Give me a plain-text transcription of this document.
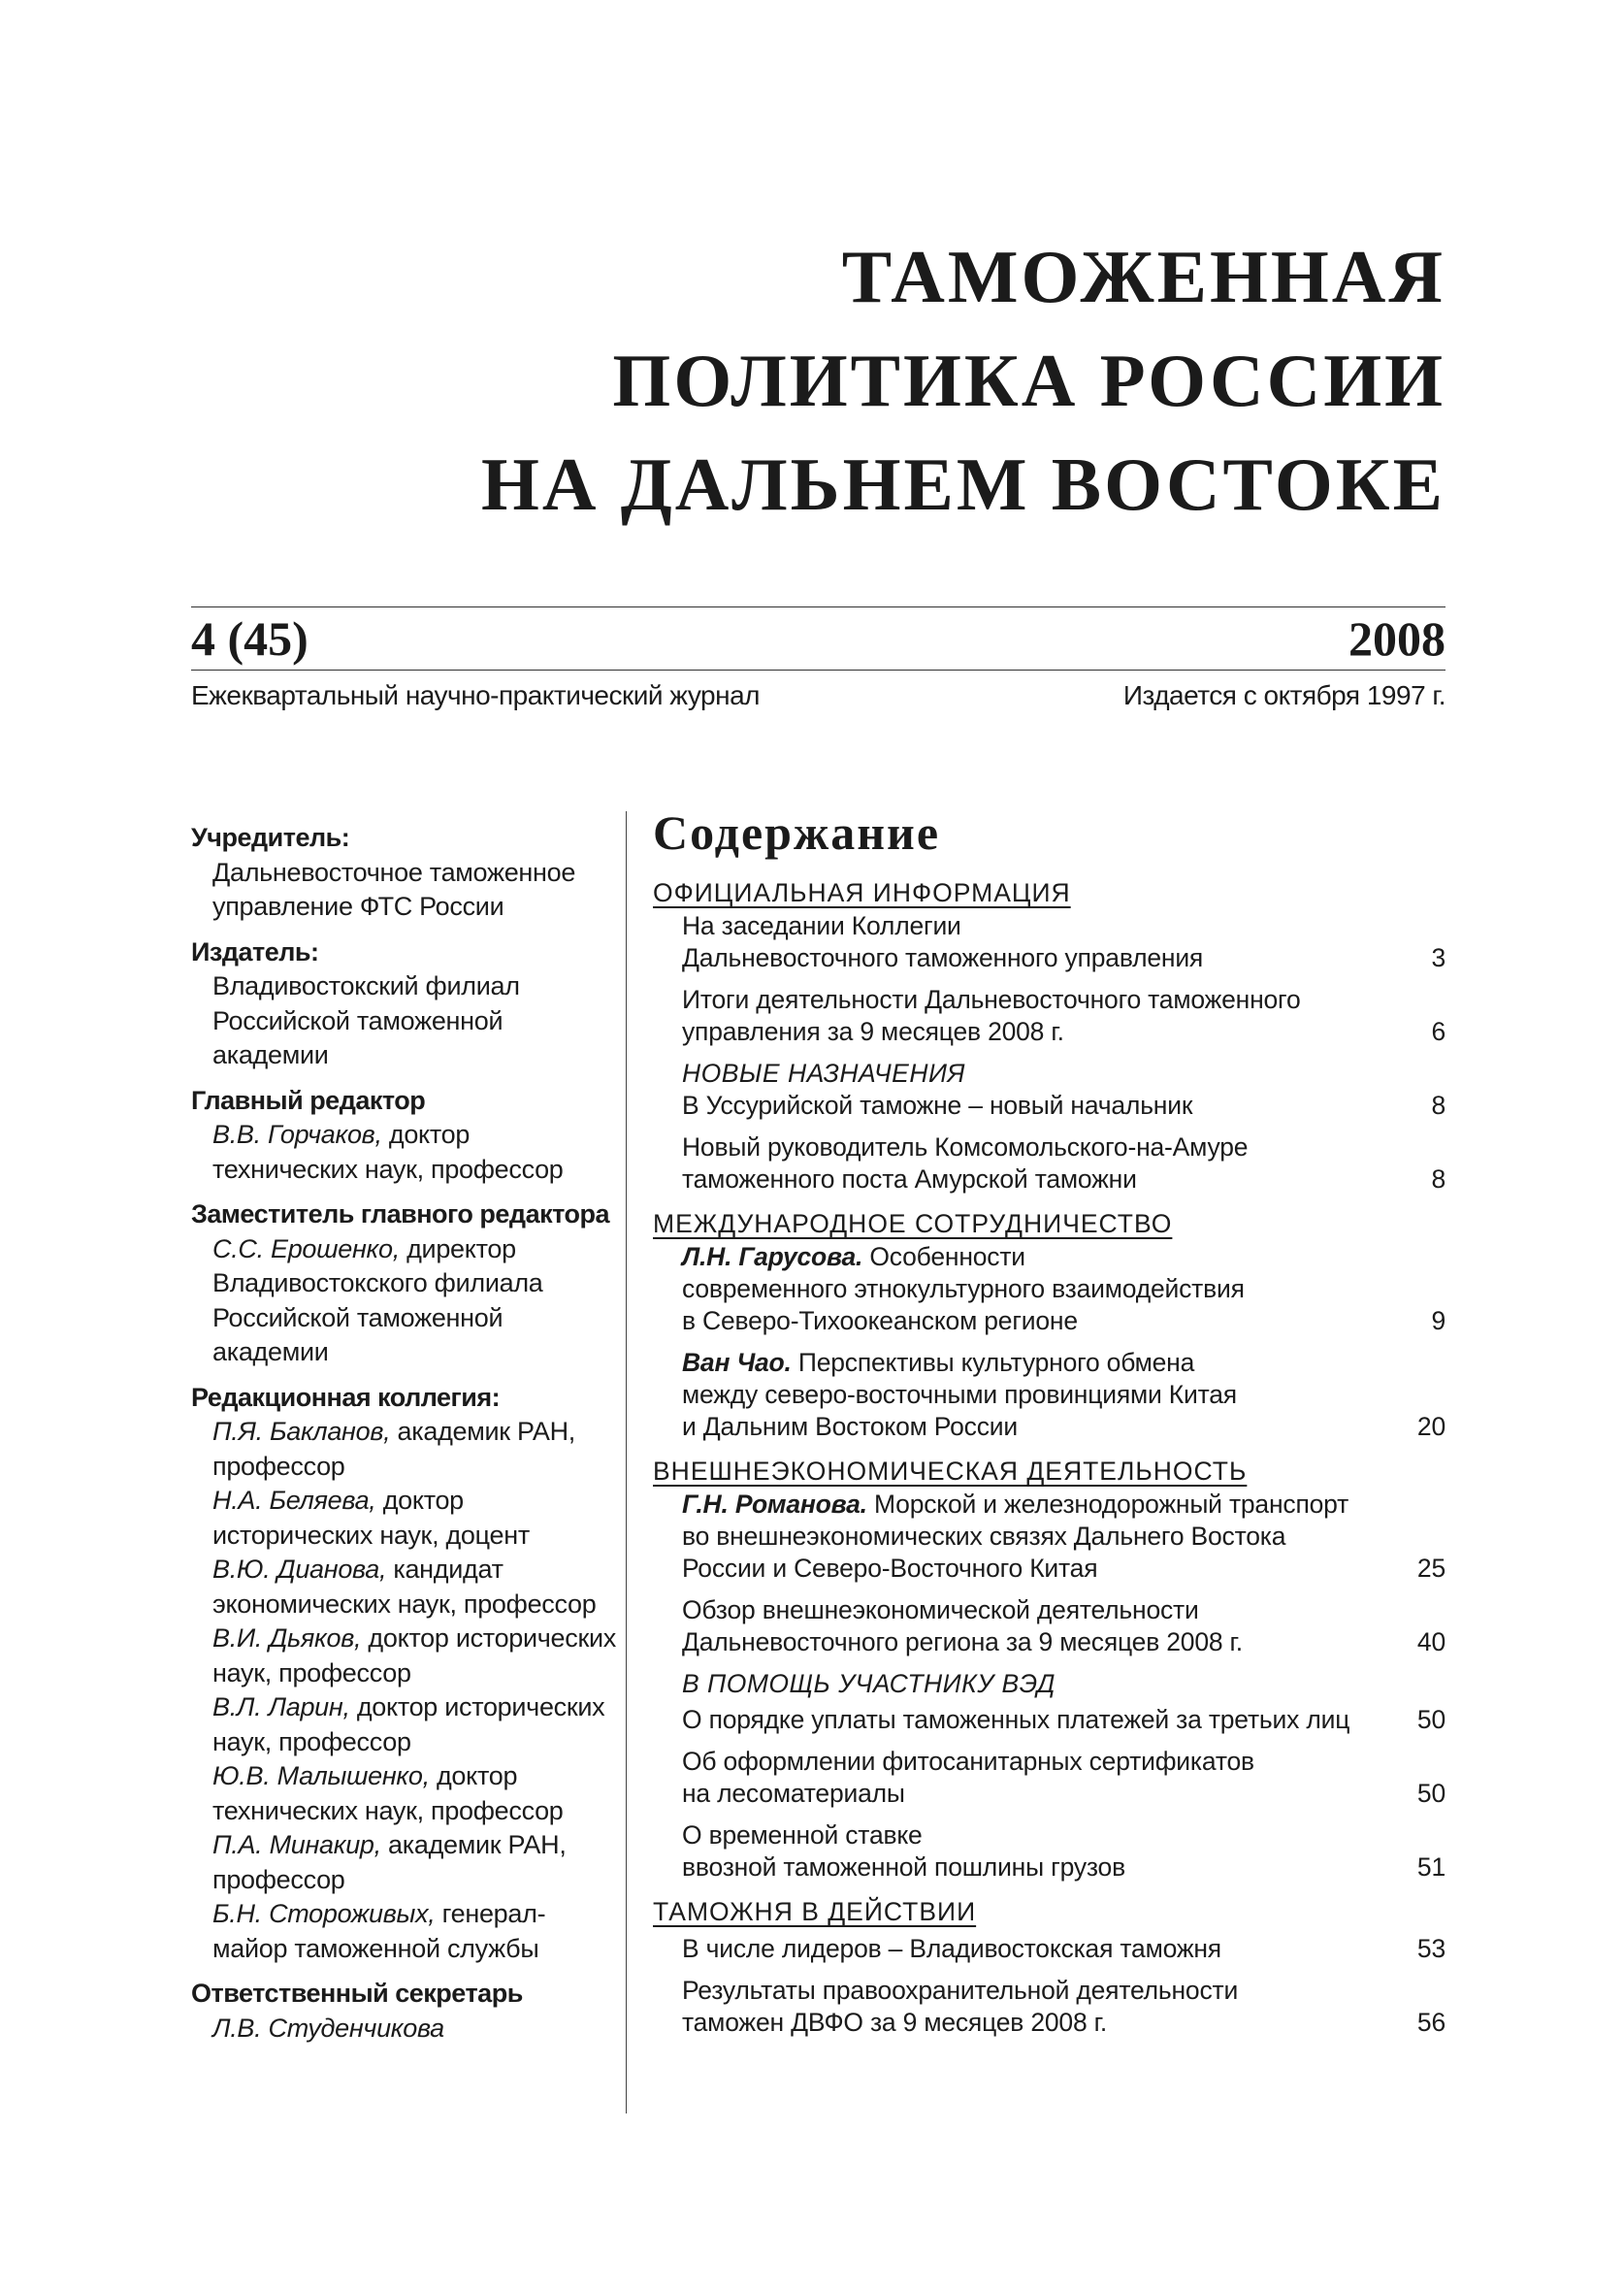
ТАМОЖЕННАЯ
ПОЛИТИКА РОССИИ
НА ДАЛЬНЕМ ВОСТОКЕ
4 (45)	2008
Ежеквартальный научно-практический журнал	Издается с октября 1997 г.
Учредитель:
Дальневосточное таможенное управление ФТС России
Издатель:
Владивостокский филиал Российской таможенной академии
Главный редактор
В.В. Горчаков, доктор технических наук, профессор
Заместитель главного редактора
С.С. Ерошенко, директор Владивостокского филиала Российской таможенной академии
Редакционная коллегия:
П.Я. Бакланов, академик РАН, профессор
Н.А. Беляева, доктор исторических наук, доцент
В.Ю. Дианова, кандидат экономических наук, профессор
В.И. Дьяков, доктор исторических наук, профессор
В.Л. Ларин, доктор исторических наук, профессор
Ю.В. Малышенко, доктор технических наук, профессор
П.А. Минакир, академик РАН, профессор
Б.Н. Стороживых, генерал-майор таможенной службы
Ответственный секретарь
Л.В. Студенчикова
Содержание
ОФИЦИАЛЬНАЯ ИНФОРМАЦИЯ
На заседании Коллегии
Дальневосточного таможенного управления	3
Итоги деятельности Дальневосточного таможенного
управления за 9 месяцев 2008 г.	6
НОВЫЕ НАЗНАЧЕНИЯ
В Уссурийской таможне – новый начальник	8
Новый руководитель Комсомольского-на-Амуре
таможенного поста Амурской таможни	8
МЕЖДУНАРОДНОЕ СОТРУДНИЧЕСТВО
Л.Н. Гарусова. Особенности
современного этнокультурного взаимодействия
в Северо-Тихоокеанском регионе	9
Ван Чао. Перспективы культурного обмена
между северо-восточными провинциями Китая
и Дальним Востоком России	20
ВНЕШНЕЭКОНОМИЧЕСКАЯ ДЕЯТЕЛЬНОСТЬ
Г.Н. Романова. Морской и железнодорожный транспорт
во внешнеэкономических связях Дальнего Востока
России и Северо-Восточного Китая	25
Обзор внешнеэкономической деятельности
Дальневосточного региона за 9 месяцев 2008 г.	40
В ПОМОЩЬ УЧАСТНИКУ ВЭД
О порядке уплаты таможенных платежей за третьих лиц	50
Об оформлении фитосанитарных сертификатов
на лесоматериалы	50
О временной ставке
ввозной таможенной пошлины грузов	51
ТАМОЖНЯ В ДЕЙСТВИИ
В числе лидеров – Владивостокская таможня	53
Результаты правоохранительной деятельности
таможен ДВФО за 9 месяцев 2008 г.	56
